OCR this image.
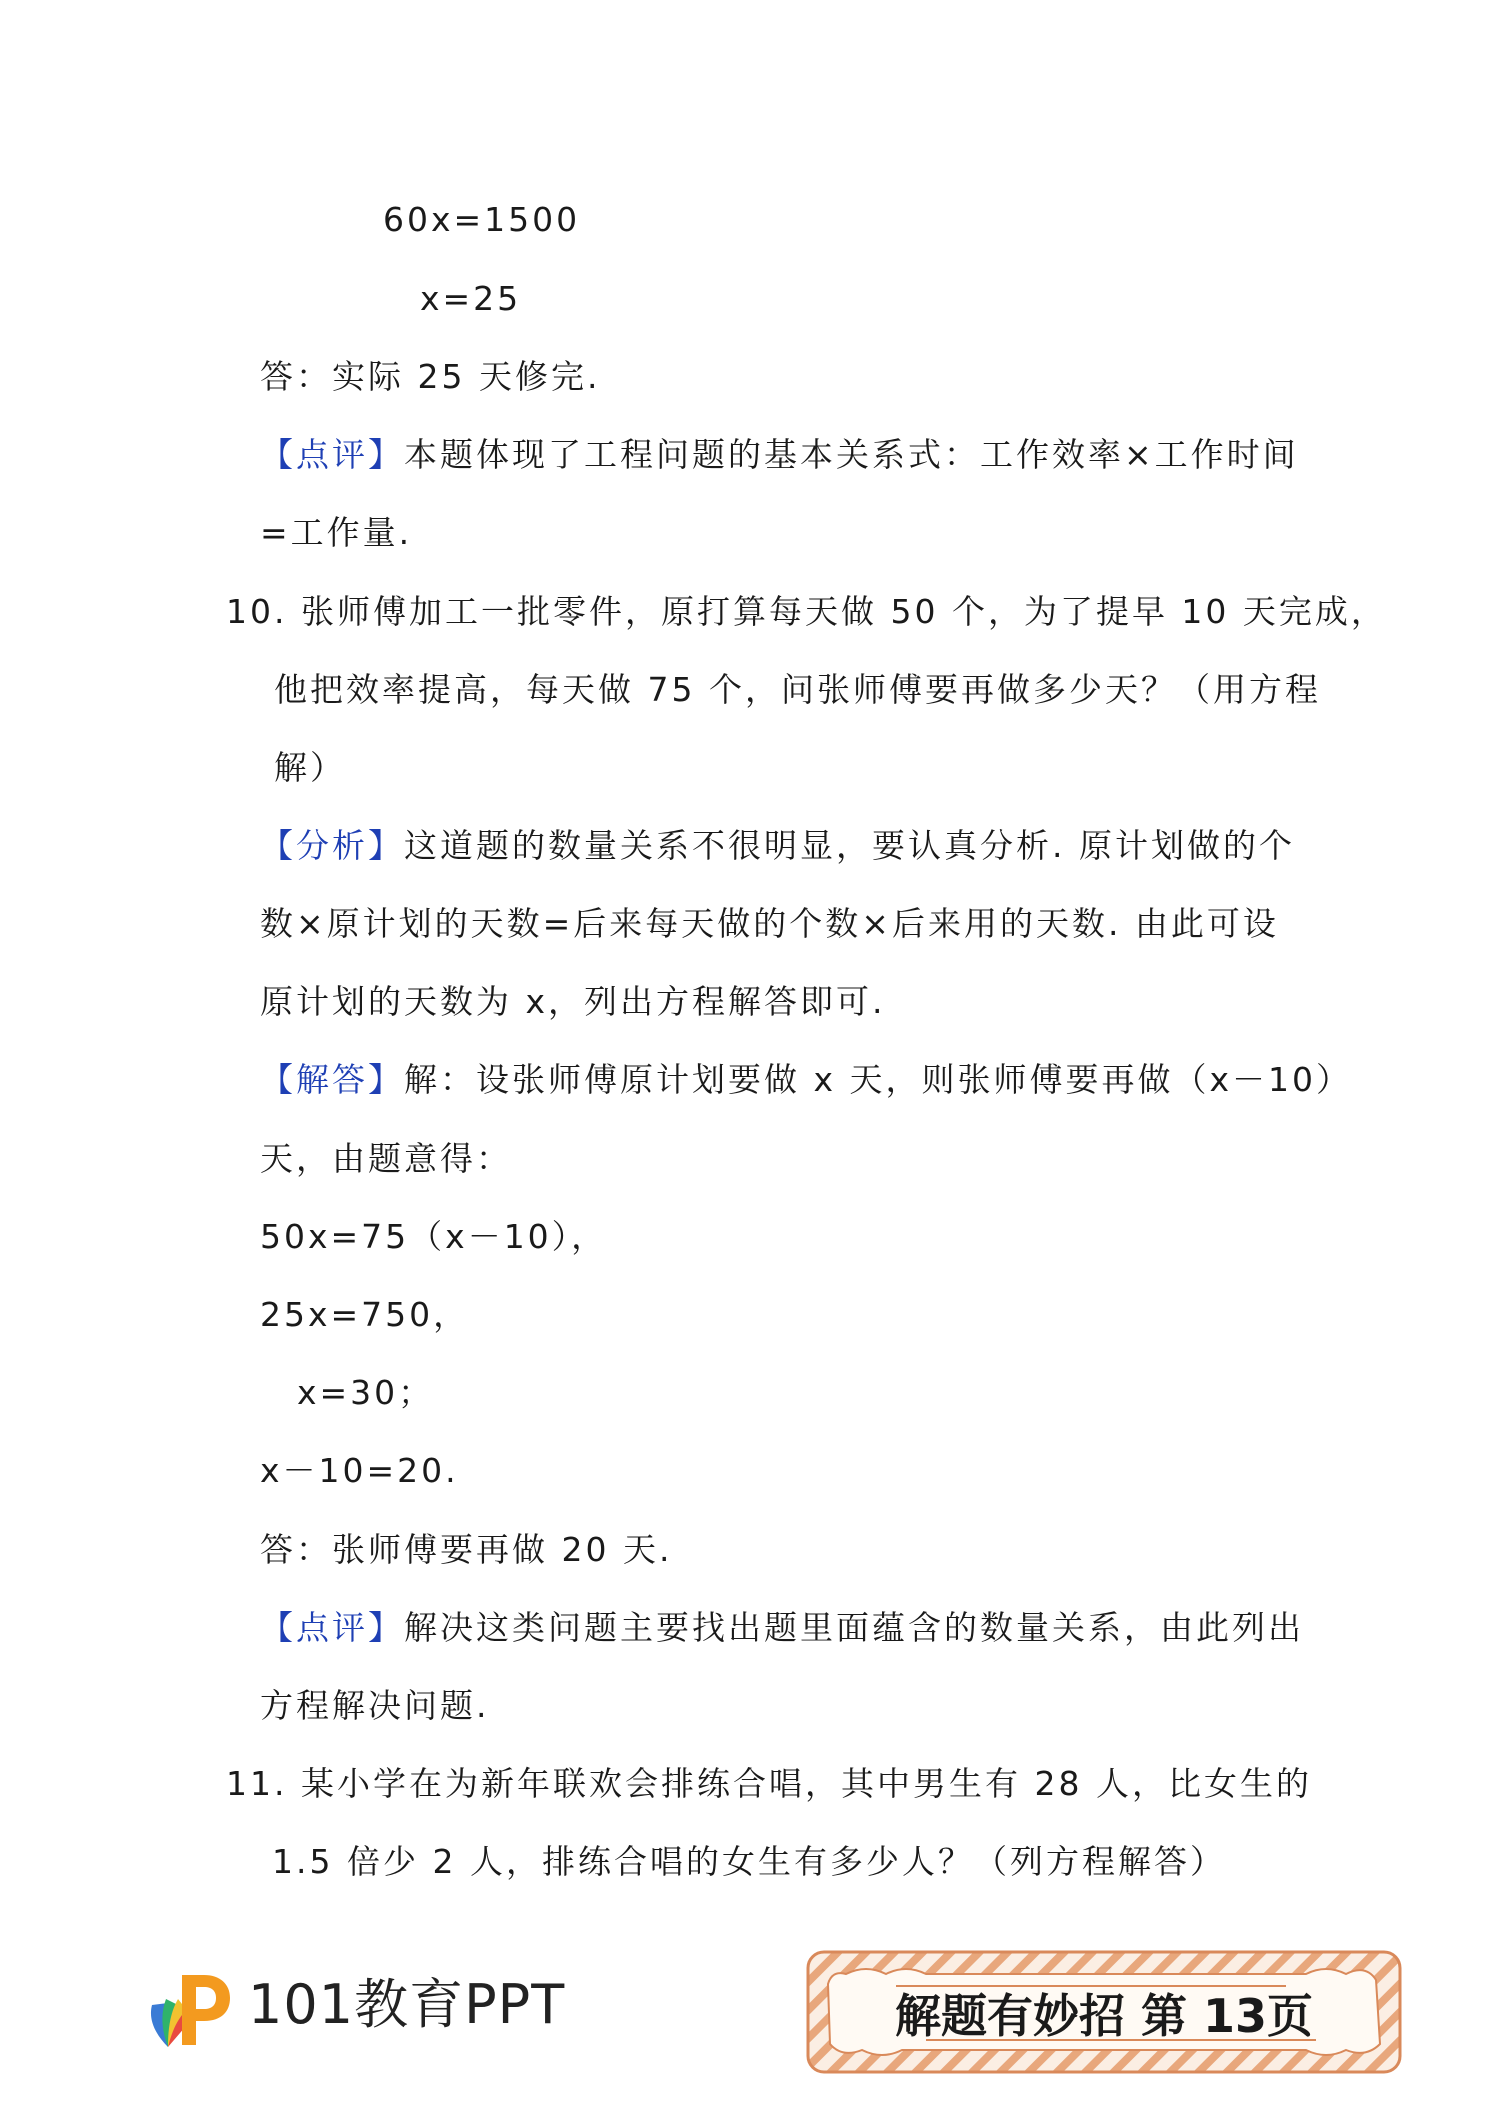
60x=1500
x=25
答：实际 25 天修完.
【点评】本题体现了工程问题的基本关系式：工作效率×工作时间
=工作量.
10. 张师傅加工一批零件，原打算每天做 50 个，为了提早 10 天完成，
他把效率提高，每天做 75 个，问张师傅要再做多少天？（用方程
解）
【分析】这道题的数量关系不很明显，要认真分析. 原计划做的个
数×原计划的天数=后来每天做的个数×后来用的天数. 由此可设
原计划的天数为 x，列出方程解答即可.
【解答】解：设张师傅原计划要做 x 天，则张师傅要再做（x－10）
天，由题意得：
50x=75（x－10），
25x=750，
x=30；
x－10=20.
答：张师傅要再做 20 天.
【点评】解决这类问题主要找出题里面蕴含的数量关系，由此列出
方程解决问题.
11. 某小学在为新年联欢会排练合唱，其中男生有 28 人，比女生的
1.5 倍少 2 人，排练合唱的女生有多少人？（列方程解答）
101教育PPT	解题有妙招 第 13页
